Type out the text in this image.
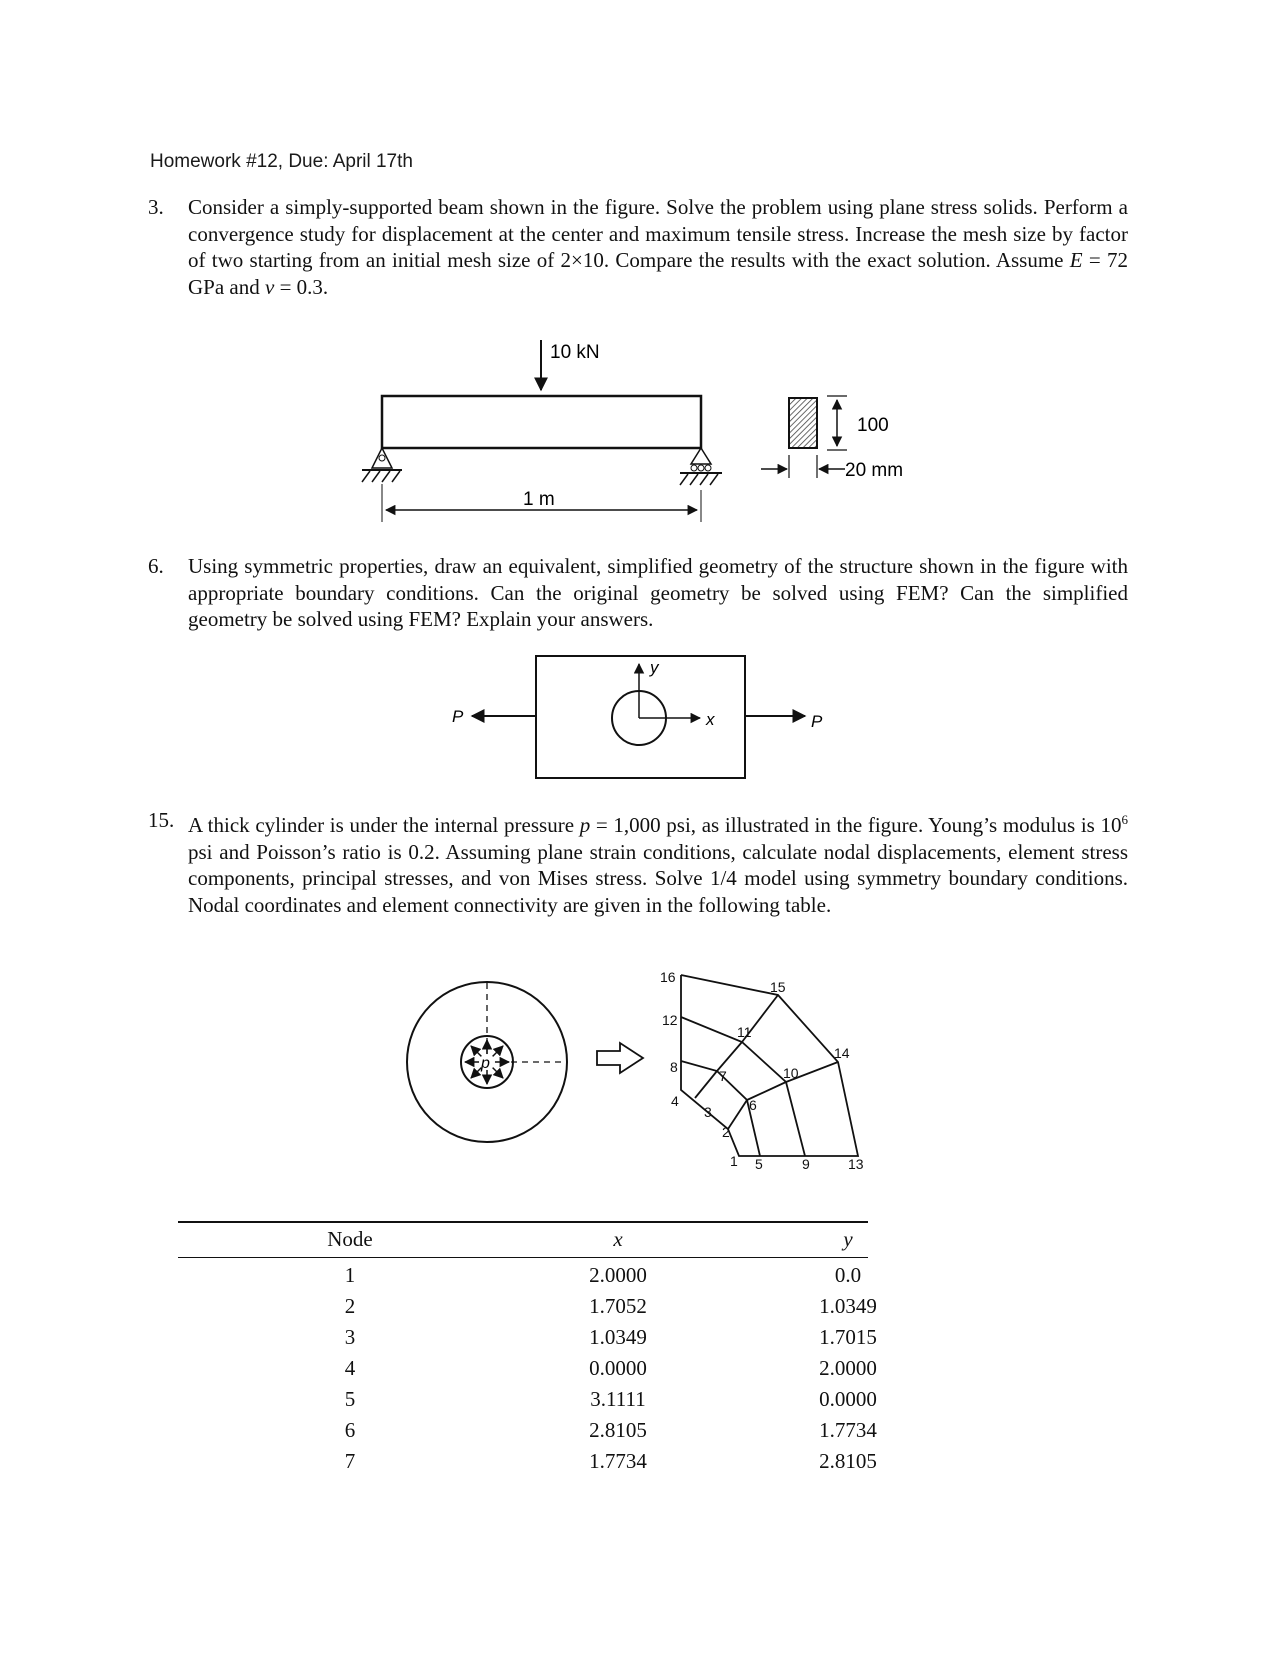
Homework #12, Due: April 17th
3. Consider a simply-supported beam shown in the figure. Solve the problem using plane stress solids. Perform a convergence study for displacement at the center and maximum tensile stress. Increase the mesh size by factor of two starting from an initial mesh size of 2×10. Compare the results with the exact solution. Assume E = 72 GPa and ν = 0.3.
10 kN
1 m
100
20 mm
y
x
P	P
p
1
2
3
4
5
6
7
8
9
10
11
12
13
14
15
16
6. Using symmetric properties, draw an equivalent, simplified geometry of the structure shown in the figure with appropriate boundary conditions. Can the original geometry be solved using FEM? Can the simplified geometry be solved using FEM? Explain your answers.
15. A thick cylinder is under the internal pressure p = 1,000 psi, as illustrated in the figure. Young’s modulus is $10^6$ psi and Poisson’s ratio is 0.2. Assuming plane strain conditions, calculate nodal displacements, element stress components, principal stresses, and von Mises stress. Solve 1/4 model using symmetry boundary conditions. Nodal coordinates and element connectivity are given in the following table.
Node	x	y
1	2.0000	0.0
2	1.7052	1.0349
3	1.0349	1.7015
4	0.0000	2.0000
5	3.1111	0.0000
6	2.8105	1.7734
7	1.7734	2.8105
